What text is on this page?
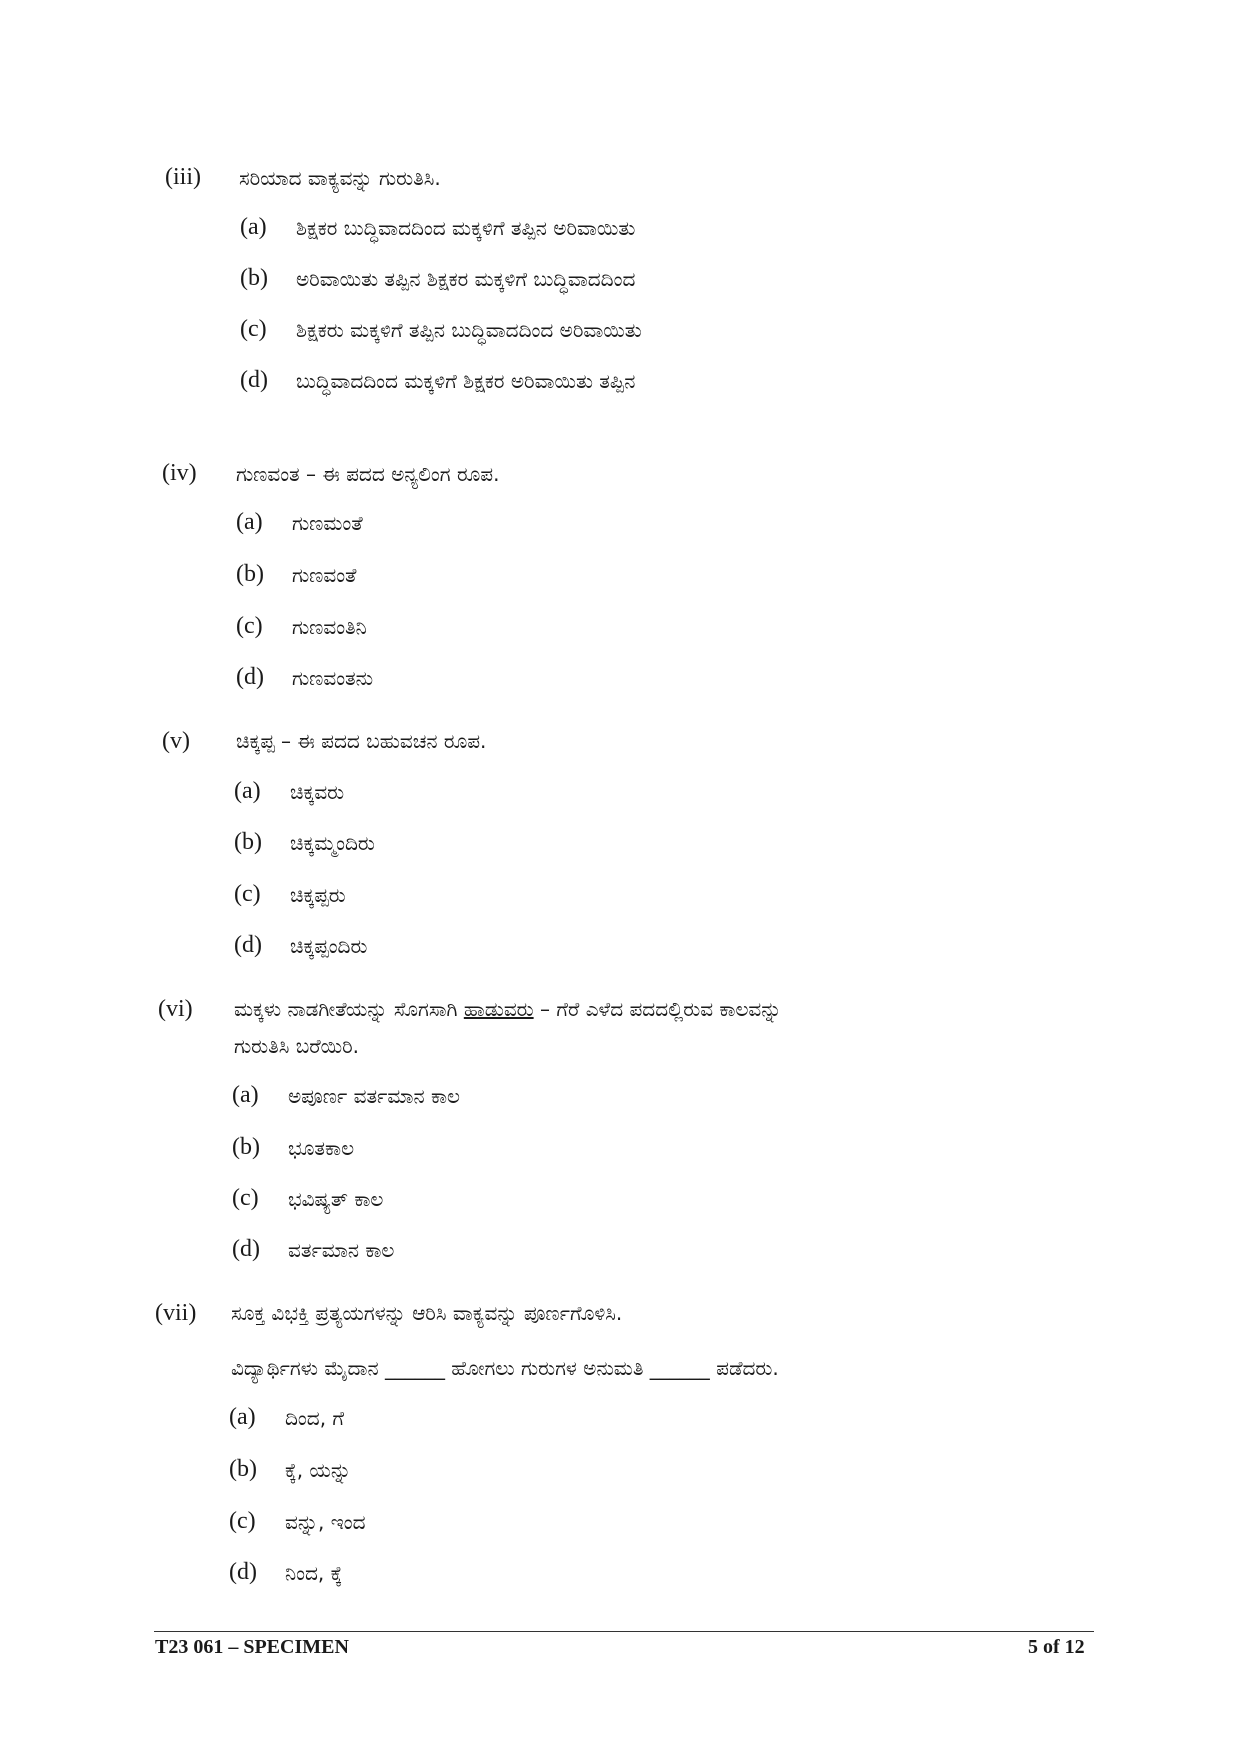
(iii) ಸರಿಯಾದ ವಾಕ್ಯವನ್ನು ಗುರುತಿಸಿ.
(a) ಶಿಕ್ಷಕರ ಬುದ್ಧಿವಾದದಿಂದ ಮಕ್ಕಳಿಗೆ ತಪ್ಪಿನ ಅರಿವಾಯಿತು
(b) ಅರಿವಾಯಿತು ತಪ್ಪಿನ ಶಿಕ್ಷಕರ ಮಕ್ಕಳಿಗೆ ಬುದ್ಧಿವಾದದಿಂದ
(c) ಶಿಕ್ಷಕರು ಮಕ್ಕಳಿಗೆ ತಪ್ಪಿನ ಬುದ್ಧಿವಾದದಿಂದ ಅರಿವಾಯಿತು
(d) ಬುದ್ಧಿವಾದದಿಂದ ಮಕ್ಕಳಿಗೆ ಶಿಕ್ಷಕರ ಅರಿವಾಯಿತು ತಪ್ಪಿನ
(iv) ಗುಣವಂತ – ಈ ಪದದ ಅನ್ಯಲಿಂಗ ರೂಪ.
(a) ಗುಣಮಂತೆ
(b) ಗುಣವಂತೆ
(c) ಗುಣವಂತಿನಿ
(d) ಗುಣವಂತನು
(v) ಚಿಕ್ಕಪ್ಪ – ಈ ಪದದ ಬಹುವಚನ ರೂಪ.
(a) ಚಿಕ್ಕವರು
(b) ಚಿಕ್ಕಮ್ಮಂದಿರು
(c) ಚಿಕ್ಕಪ್ಪರು
(d) ಚಿಕ್ಕಪ್ಪಂದಿರು
(vi) ಮಕ್ಕಳು ನಾಡಗೀತೆಯನ್ನು ಸೊಗಸಾಗಿ ಹಾಡುವರು – ಗೆರೆ ಎಳೆದ ಪದದಲ್ಲಿರುವ ಕಾಲವನ್ನು
ಗುರುತಿಸಿ ಬರೆಯಿರಿ.
(a) ಅಪೂರ್ಣ ವರ್ತಮಾನ ಕಾಲ
(b) ಭೂತಕಾಲ
(c) ಭವಿಷ್ಯತ್ ಕಾಲ
(d) ವರ್ತಮಾನ ಕಾಲ
(vii) ಸೂಕ್ತ ವಿಭಕ್ತಿ ಪ್ರತ್ಯಯಗಳನ್ನು ಆರಿಸಿ ವಾಕ್ಯವನ್ನು ಪೂರ್ಣಗೊಳಿಸಿ.
ವಿದ್ಯಾರ್ಥಿಗಳು ಮೈದಾನ ______ ಹೋಗಲು ಗುರುಗಳ ಅನುಮತಿ ______ ಪಡೆದರು.
(a) ದಿಂದ, ಗೆ
(b) ಕ್ಕೆ, ಯನ್ನು
(c) ವನ್ನು, ಇಂದ
(d) ನಿಂದ, ಕ್ಕೆ
T23 061 – SPECIMEN	5 of 12
